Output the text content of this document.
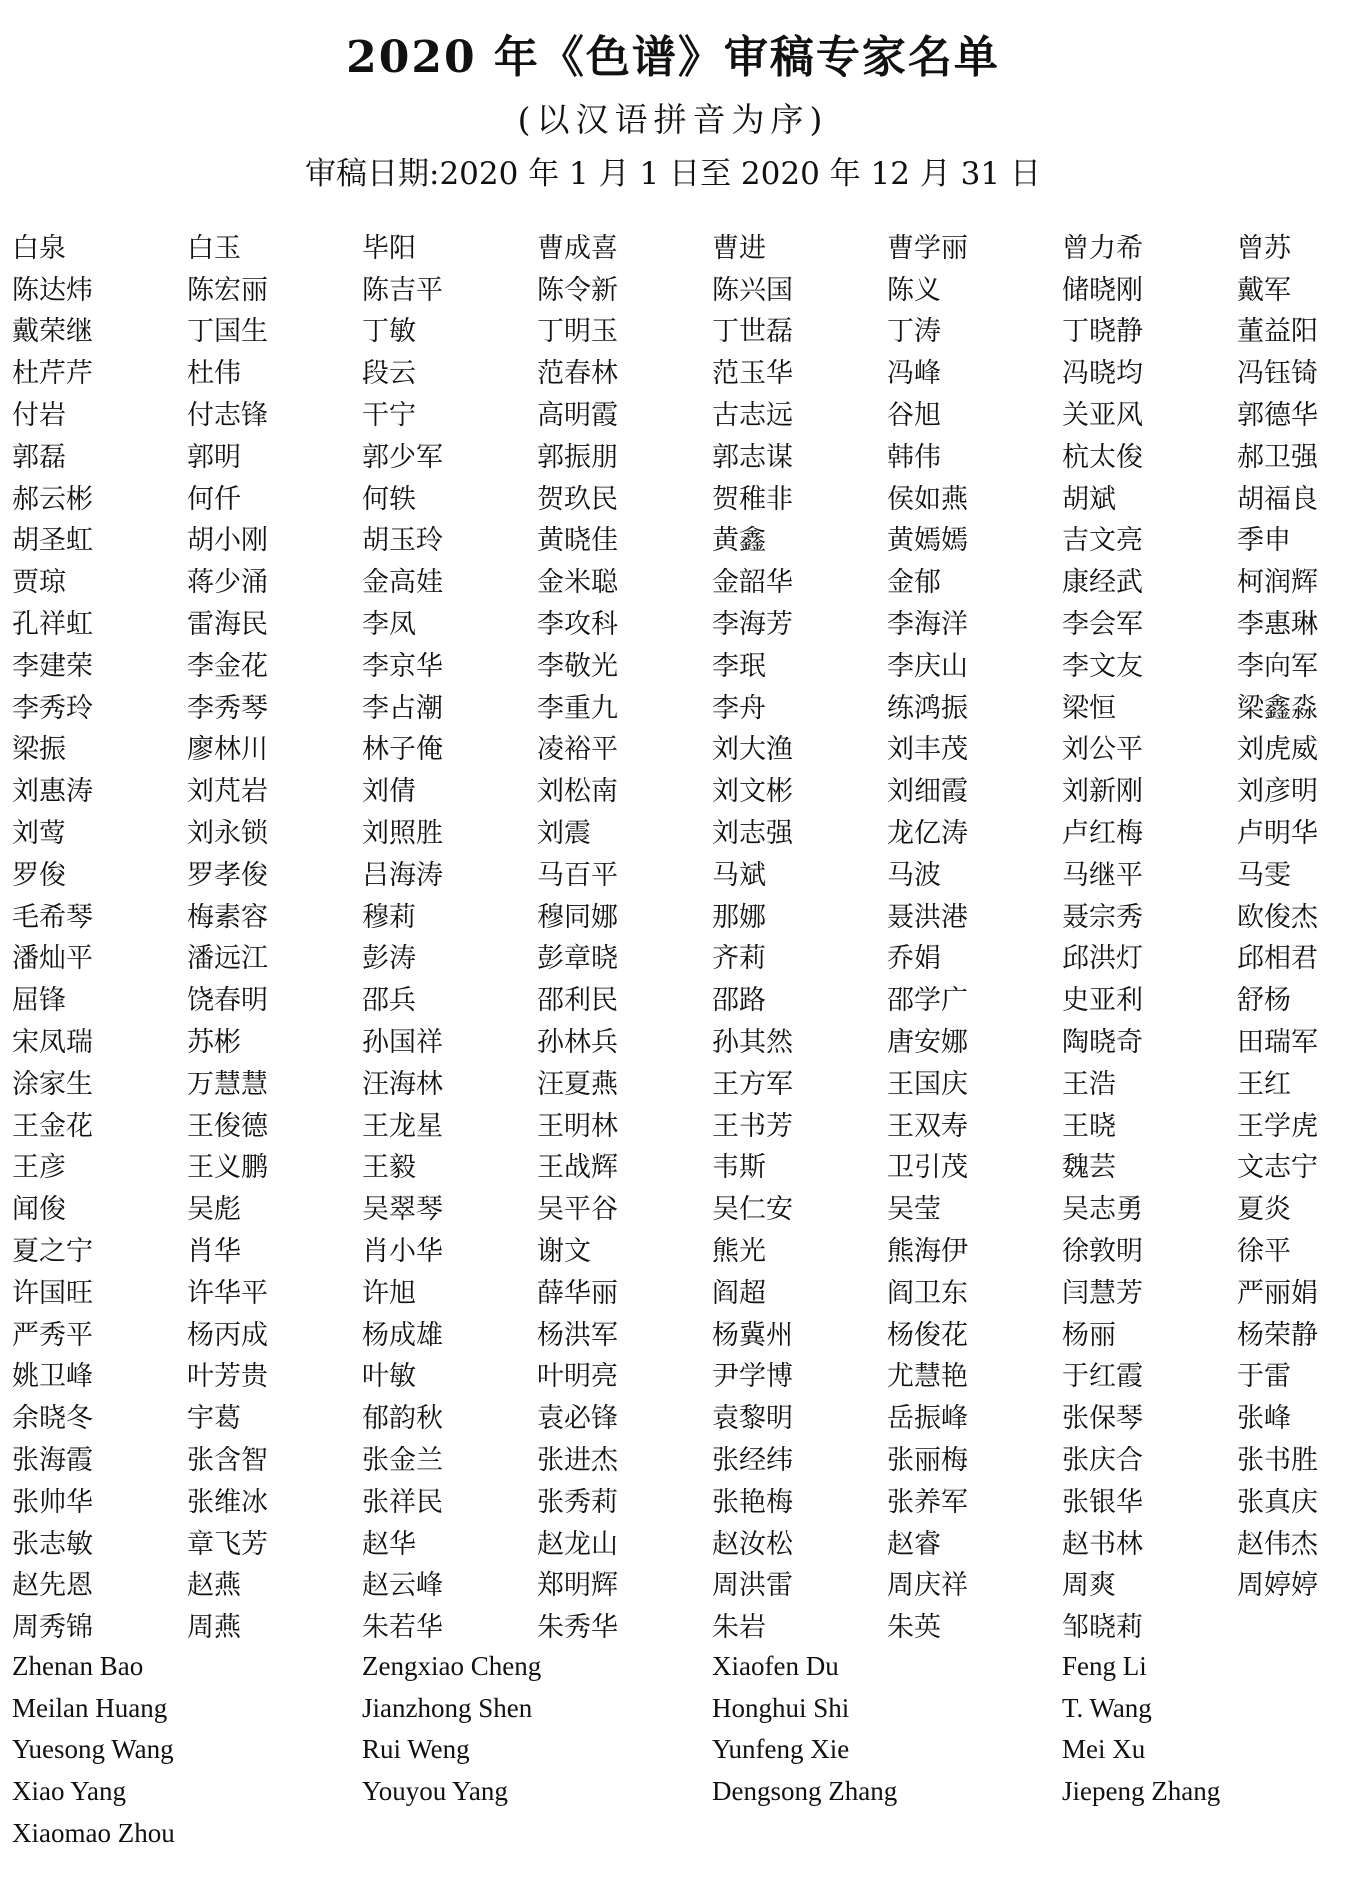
2020 年《色谱》审稿专家名单
(以汉语拼音为序)
审稿日期:2020 年 1 月 1 日至 2020 年 12 月 31 日
白泉	白玉	毕阳	曹成喜	曹进	曹学丽	曾力希	曾苏
陈达炜	陈宏丽	陈吉平	陈令新	陈兴国	陈义	储晓刚	戴军
戴荣继	丁国生	丁敏	丁明玉	丁世磊	丁涛	丁晓静	董益阳
杜芹芹	杜伟	段云	范春林	范玉华	冯峰	冯晓均	冯钰锜
付岩	付志锋	干宁	高明霞	古志远	谷旭	关亚风	郭德华
郭磊	郭明	郭少军	郭振朋	郭志谋	韩伟	杭太俊	郝卫强
郝云彬	何仟	何轶	贺玖民	贺稚非	侯如燕	胡斌	胡福良
胡圣虹	胡小刚	胡玉玲	黄晓佳	黄鑫	黄嫣嫣	吉文亮	季申
贾琼	蒋少涌	金高娃	金米聪	金韶华	金郁	康经武	柯润辉
孔祥虹	雷海民	李凤	李攻科	李海芳	李海洋	李会军	李惠琳
李建荣	李金花	李京华	李敬光	李珉	李庆山	李文友	李向军
李秀玲	李秀琴	李占潮	李重九	李舟	练鸿振	梁恒	梁鑫淼
梁振	廖林川	林子俺	凌裕平	刘大渔	刘丰茂	刘公平	刘虎威
刘惠涛	刘芃岩	刘倩	刘松南	刘文彬	刘细霞	刘新刚	刘彦明
刘莺	刘永锁	刘照胜	刘震	刘志强	龙亿涛	卢红梅	卢明华
罗俊	罗孝俊	吕海涛	马百平	马斌	马波	马继平	马雯
毛希琴	梅素容	穆莉	穆同娜	那娜	聂洪港	聂宗秀	欧俊杰
潘灿平	潘远江	彭涛	彭章晓	齐莉	乔娟	邱洪灯	邱相君
屈锋	饶春明	邵兵	邵利民	邵路	邵学广	史亚利	舒杨
宋凤瑞	苏彬	孙国祥	孙林兵	孙其然	唐安娜	陶晓奇	田瑞军
涂家生	万慧慧	汪海林	汪夏燕	王方军	王国庆	王浩	王红
王金花	王俊德	王龙星	王明林	王书芳	王双寿	王晓	王学虎
王彦	王义鹏	王毅	王战辉	韦斯	卫引茂	魏芸	文志宁
闻俊	吴彪	吴翠琴	吴平谷	吴仁安	吴莹	吴志勇	夏炎
夏之宁	肖华	肖小华	谢文	熊光	熊海伊	徐敦明	徐平
许国旺	许华平	许旭	薛华丽	阎超	阎卫东	闫慧芳	严丽娟
严秀平	杨丙成	杨成雄	杨洪军	杨冀州	杨俊花	杨丽	杨荣静
姚卫峰	叶芳贵	叶敏	叶明亮	尹学博	尤慧艳	于红霞	于雷
余晓冬	宇葛	郁韵秋	袁必锋	袁黎明	岳振峰	张保琴	张峰
张海霞	张含智	张金兰	张进杰	张经纬	张丽梅	张庆合	张书胜
张帅华	张维冰	张祥民	张秀莉	张艳梅	张养军	张银华	张真庆
张志敏	章飞芳	赵华	赵龙山	赵汝松	赵睿	赵书林	赵伟杰
赵先恩	赵燕	赵云峰	郑明辉	周洪雷	周庆祥	周爽	周婷婷
周秀锦	周燕	朱若华	朱秀华	朱岩	朱英	邹晓莉
Zhenan Bao	Zengxiao Cheng	Xiaofen Du	Feng Li
Meilan Huang	Jianzhong Shen	Honghui Shi	T. Wang
Yuesong Wang	Rui Weng	Yunfeng Xie	Mei Xu
Xiao Yang	Youyou Yang	Dengsong Zhang	Jiepeng Zhang
Xiaomao Zhou
